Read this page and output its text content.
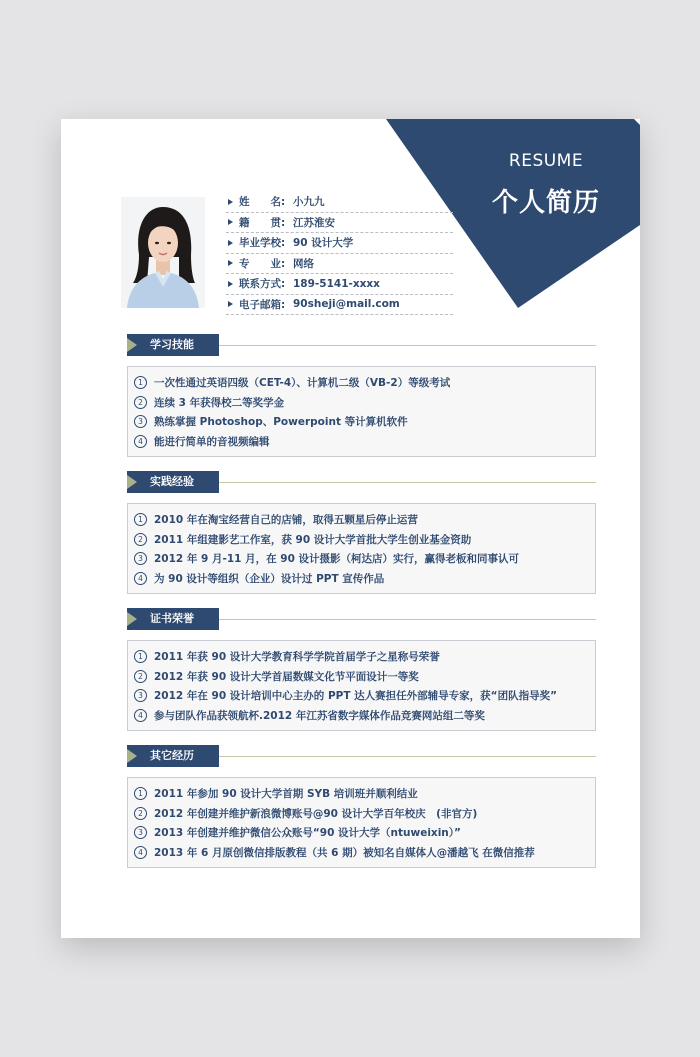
RESUME
个人简历
姓　　名: 小九九
籍　　贯: 江苏淮安
毕业学校: 90 设计大学
专　　业: 网络
联系方式: 189-5141-xxxx
电子邮箱: 90sheji@mail.com
学习技能
1	一次性通过英语四级（CET-4）、计算机二级（VB-2）等级考试
2	连续 3 年获得校二等奖学金
3	熟练掌握 Photoshop、Powerpoint 等计算机软件
4	能进行简单的音视频编辑
实践经验
1	2010 年在淘宝经营自己的店铺，取得五颗星后停止运营
2	2011 年组建影艺工作室，获 90 设计大学首批大学生创业基金资助
3	2012 年 9 月-11 月，在 90 设计摄影（柯达店）实行，赢得老板和同事认可
4	为 90 设计等组织（企业）设计过 PPT 宣传作品
证书荣誉
1	2011 年获 90 设计大学教育科学学院首届学子之星称号荣誉
2	2012 年获 90 设计大学首届数媒文化节平面设计一等奖
3	2012 年在 90 设计培训中心主办的 PPT 达人赛担任外部辅导专家，获“团队指导奖”
4	参与团队作品获领航杯.2012 年江苏省数字媒体作品竞赛网站组二等奖
其它经历
1	2011 年参加 90 设计大学首期 SYB 培训班并顺利结业
2	2012 年创建并维护新浪微博账号@90 设计大学百年校庆　(非官方)
3	2013 年创建并维护微信公众账号“90 设计大学（ntuweixin）”
4	2013 年 6 月原创微信排版教程（共 6 期）被知名自媒体人@潘越飞 在微信推荐
